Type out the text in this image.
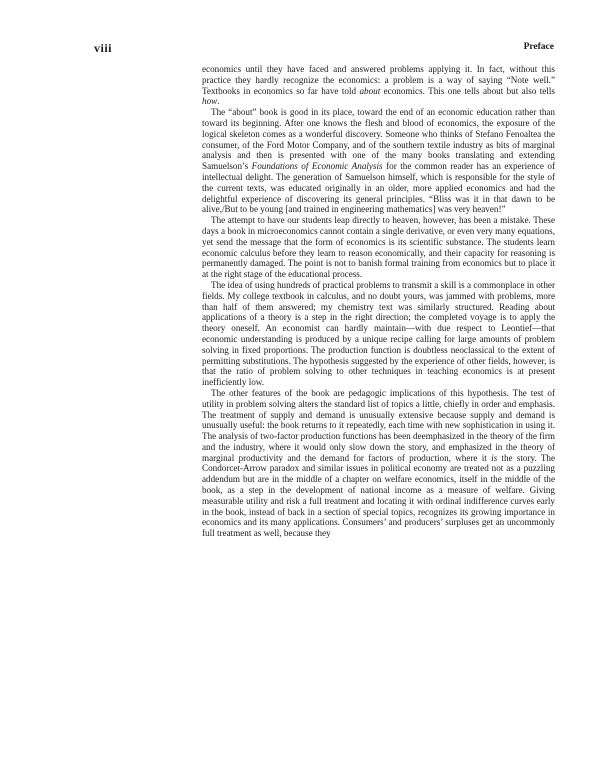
viii	Preface

economics until they have faced and answered problems applying it. In fact, without this practice they hardly recognize the economics: a problem is a way of saying “Note well.” Textbooks in economics so far have told about economics. This one tells about but also tells how.

The “about” book is good in its place, toward the end of an economic education rather than toward its beginning. After one knows the flesh and blood of economics, the exposure of the logical skeleton comes as a wonderful discovery. Someone who thinks of Stefano Fenoaltea the consumer, of the Ford Motor Company, and of the southern textile industry as bits of marginal analysis and then is presented with one of the many books translating and extending Samuelson’s Foundations of Economic Analysis for the common reader has an experience of intellectual delight. The generation of Samuelson himself, which is responsible for the style of the current texts, was educated originally in an older, more applied economics and had the delightful experience of discovering its general principles. “Bliss was it in that dawn to be alive,/But to be young [and trained in engineering mathematics] was very heaven!”

The attempt to have our students leap directly to heaven, however, has been a mistake. These days a book in microeconomics cannot contain a single derivative, or even very many equations, yet send the message that the form of economics is its scientific substance. The students learn economic calculus before they learn to reason economically, and their capacity for reasoning is permanently damaged. The point is not to banish formal training from economics but to place it at the right stage of the educational process.

The idea of using hundreds of practical problems to transmit a skill is a commonplace in other fields. My college textbook in calculus, and no doubt yours, was jammed with problems, more than half of them answered; my chemistry text was similarly structured. Reading about applications of a theory is a step in the right direction; the completed voyage is to apply the theory oneself. An economist can hardly maintain—with due respect to Leontief—that economic understanding is produced by a unique recipe calling for large amounts of problem solving in fixed proportions. The production function is doubtless neoclassical to the extent of permitting substitutions. The hypothesis suggested by the experience of other fields, however, is that the ratio of problem solving to other techniques in teaching economics is at present inefficiently low.

The other features of the book are pedagogic implications of this hypothesis. The test of utility in problem solving alters the standard list of topics a little, chiefly in order and emphasis. The treatment of supply and demand is unusually extensive because supply and demand is unusually useful: the book returns to it repeatedly, each time with new sophistication in using it. The analysis of two-factor production functions has been deemphasized in the theory of the firm and the industry, where it would only slow down the story, and emphasized in the theory of marginal productivity and the demand for factors of production, where it is the story. The Condorcet-Arrow paradox and similar issues in political economy are treated not as a puzzling addendum but are in the middle of a chapter on welfare economics, itself in the middle of the book, as a step in the development of national income as a measure of welfare. Giving measurable utility and risk a full treatment and locating it with ordinal indifference curves early in the book, instead of back in a section of special topics, recognizes its growing importance in economics and its many applications. Consumers’ and producers’ surpluses get an uncommonly full treatment as well, because they
